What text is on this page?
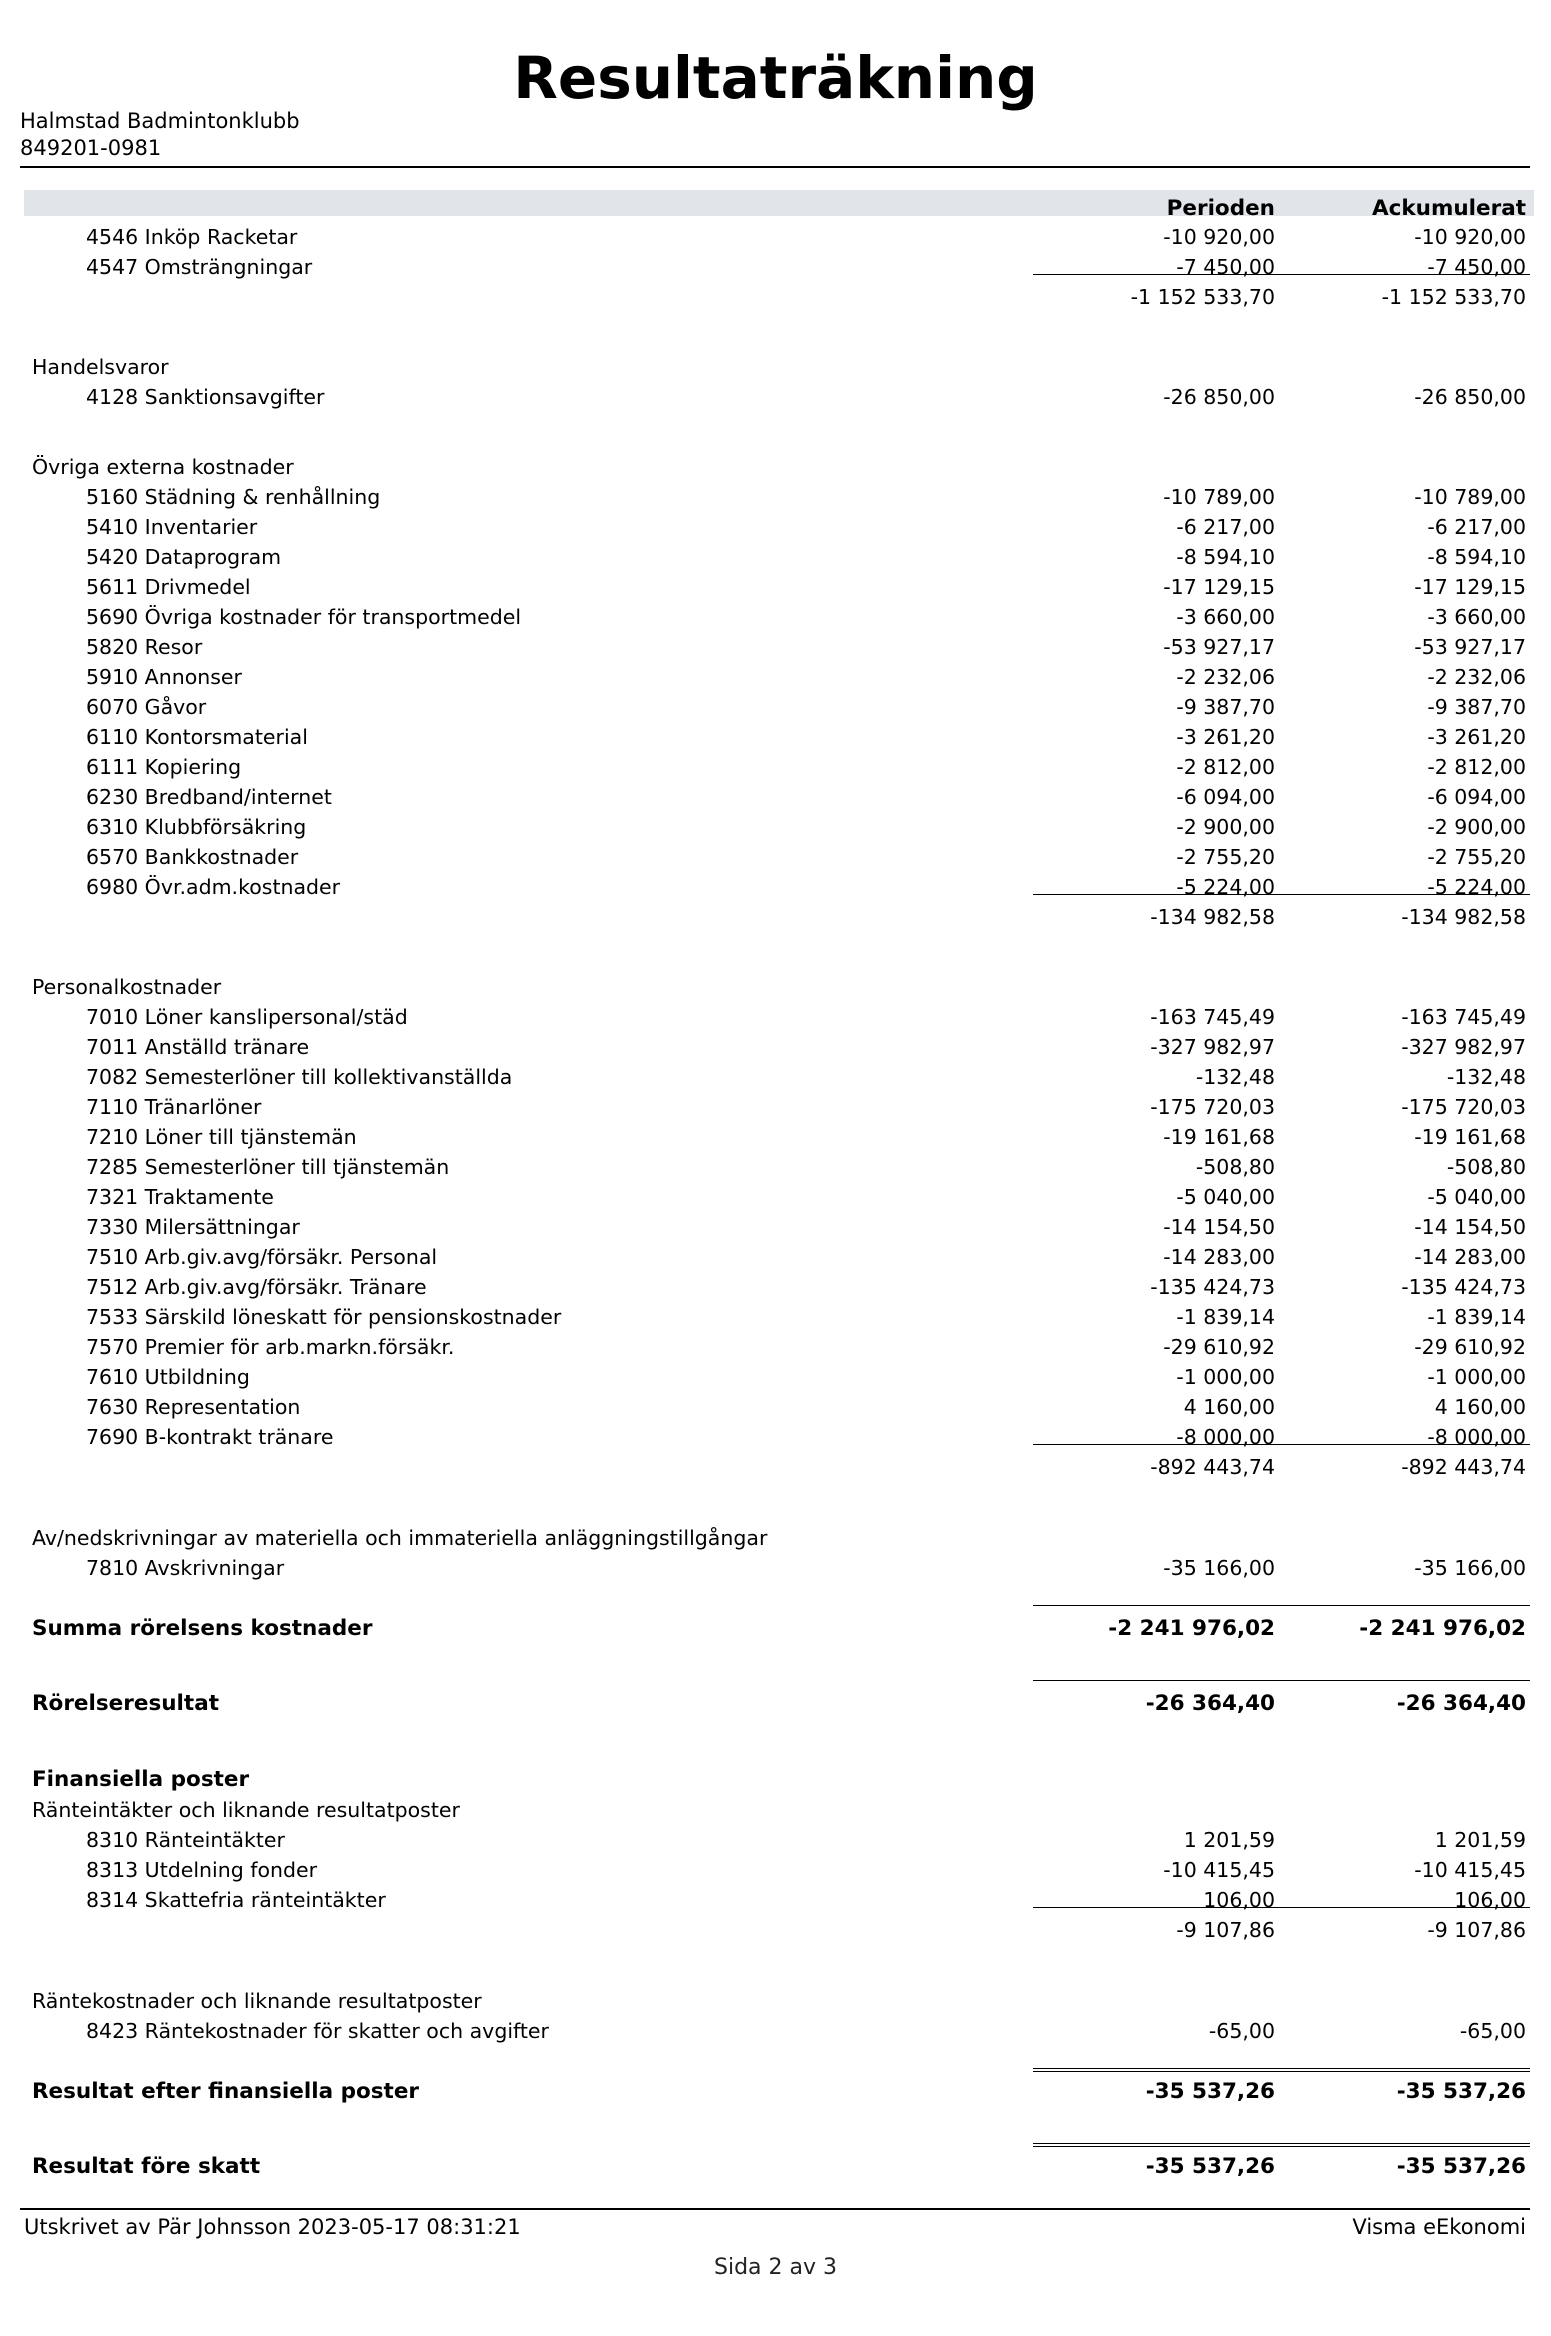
Resultaträkning
Halmstad Badmintonklubb
849201-0981
Perioden	Ackumulerat
4546 Inköp Racketar	-10 920,00	-10 920,00
4547 Omsträngningar	-7 450,00	-7 450,00
-1 152 533,70	-1 152 533,70
Handelsvaror
4128 Sanktionsavgifter	-26 850,00	-26 850,00
Övriga externa kostnader
5160 Städning & renhållning	-10 789,00	-10 789,00
5410 Inventarier	-6 217,00	-6 217,00
5420 Dataprogram	-8 594,10	-8 594,10
5611 Drivmedel	-17 129,15	-17 129,15
5690 Övriga kostnader för transportmedel	-3 660,00	-3 660,00
5820 Resor	-53 927,17	-53 927,17
5910 Annonser	-2 232,06	-2 232,06
6070 Gåvor	-9 387,70	-9 387,70
6110 Kontorsmaterial	-3 261,20	-3 261,20
6111 Kopiering	-2 812,00	-2 812,00
6230 Bredband/internet	-6 094,00	-6 094,00
6310 Klubbförsäkring	-2 900,00	-2 900,00
6570 Bankkostnader	-2 755,20	-2 755,20
6980 Övr.adm.kostnader	-5 224,00	-5 224,00
-134 982,58	-134 982,58
Personalkostnader
7010 Löner kanslipersonal/städ	-163 745,49	-163 745,49
7011 Anställd tränare	-327 982,97	-327 982,97
7082 Semesterlöner till kollektivanställda	-132,48	-132,48
7110 Tränarlöner	-175 720,03	-175 720,03
7210 Löner till tjänstemän	-19 161,68	-19 161,68
7285 Semesterlöner till tjänstemän	-508,80	-508,80
7321 Traktamente	-5 040,00	-5 040,00
7330 Milersättningar	-14 154,50	-14 154,50
7510 Arb.giv.avg/försäkr. Personal	-14 283,00	-14 283,00
7512 Arb.giv.avg/försäkr. Tränare	-135 424,73	-135 424,73
7533 Särskild löneskatt för pensionskostnader	-1 839,14	-1 839,14
7570 Premier för arb.markn.försäkr.	-29 610,92	-29 610,92
7610 Utbildning	-1 000,00	-1 000,00
7630 Representation	4 160,00	4 160,00
7690 B-kontrakt tränare	-8 000,00	-8 000,00
-892 443,74	-892 443,74
Av/nedskrivningar av materiella och immateriella anläggningstillgångar
7810 Avskrivningar	-35 166,00	-35 166,00
Summa rörelsens kostnader	-2 241 976,02	-2 241 976,02
Rörelseresultat	-26 364,40	-26 364,40
Finansiella poster
Ränteintäkter och liknande resultatposter
8310 Ränteintäkter	1 201,59	1 201,59
8313 Utdelning fonder	-10 415,45	-10 415,45
8314 Skattefria ränteintäkter	106,00	106,00
-9 107,86	-9 107,86
Räntekostnader och liknande resultatposter
8423 Räntekostnader för skatter och avgifter	-65,00	-65,00
Resultat efter finansiella poster	-35 537,26	-35 537,26
Resultat före skatt	-35 537,26	-35 537,26
Utskrivet av Pär Johnsson 2023-05-17 08:31:21	Visma eEkonomi
Sida 2 av 3
